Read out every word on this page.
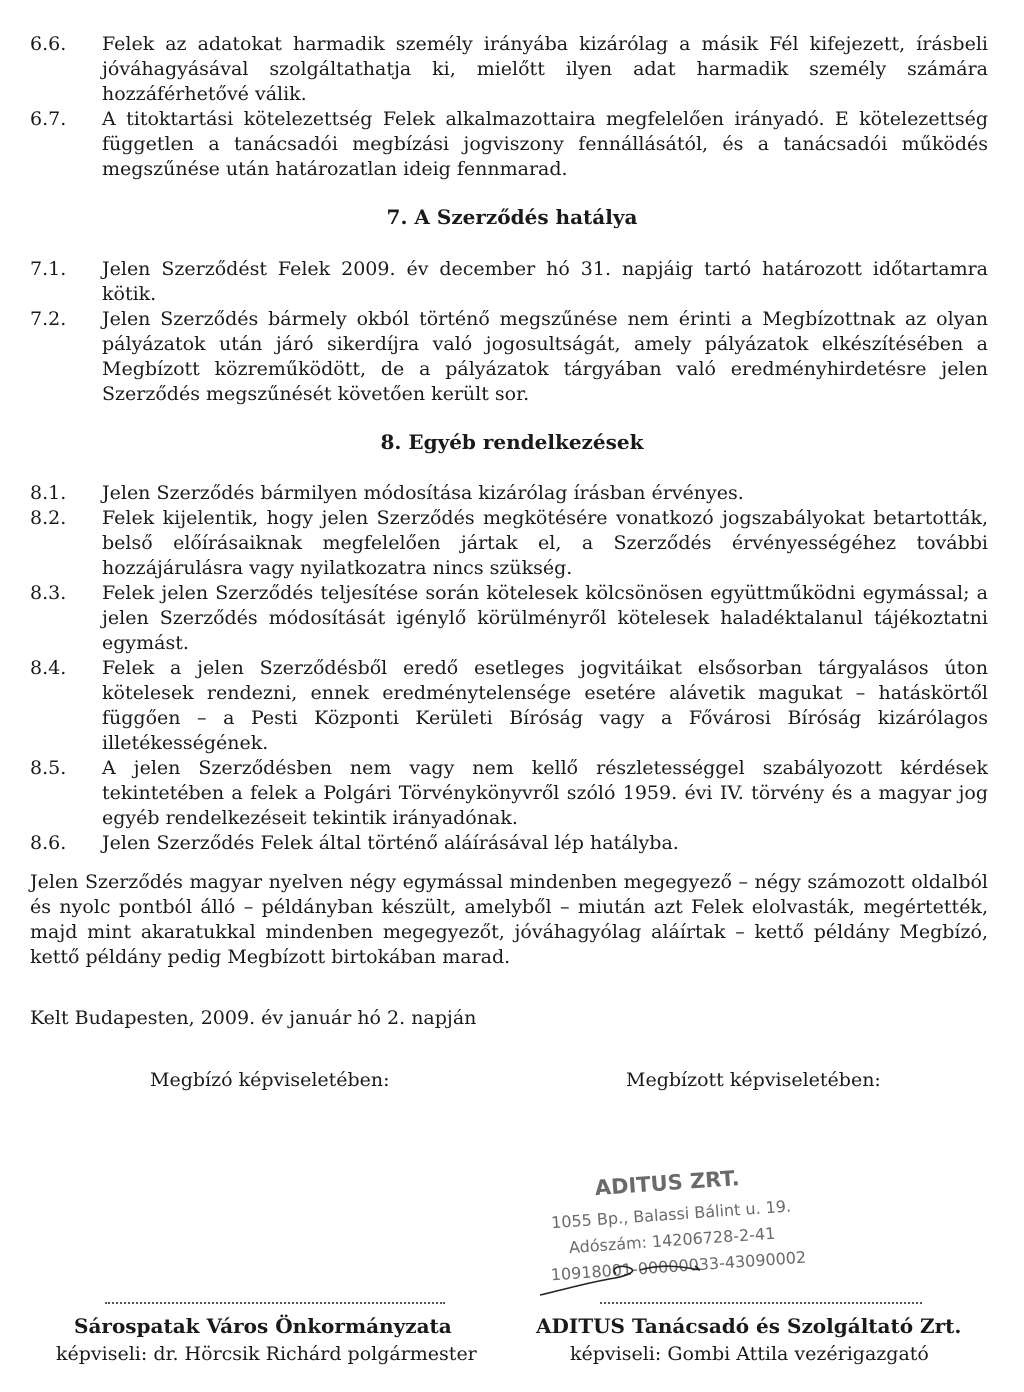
6.6.	Felek az adatokat harmadik személy irányába kizárólag a másik Fél kifejezett, írásbeli jóváhagyásával szolgáltathatja ki, mielőtt ilyen adat harmadik személy számára hozzáférhetővé válik.
6.7.	A titoktartási kötelezettség Felek alkalmazottaira megfelelően irányadó. E kötelezettség független a tanácsadói megbízási jogviszony fennállásától, és a tanácsadói működés megszűnése után határozatlan ideig fennmarad.
7. A Szerződés hatálya
7.1.	Jelen Szerződést Felek 2009. év december hó 31. napjáig tartó határozott időtartamra kötik.
7.2.	Jelen Szerződés bármely okból történő megszűnése nem érinti a Megbízottnak az olyan pályázatok után járó sikerdíjra való jogosultságát, amely pályázatok elkészítésében a Megbízott közreműködött, de a pályázatok tárgyában való eredményhirdetésre jelen Szerződés megszűnését követően került sor.
8. Egyéb rendelkezések
8.1.	Jelen Szerződés bármilyen módosítása kizárólag írásban érvényes.
8.2.	Felek kijelentik, hogy jelen Szerződés megkötésére vonatkozó jogszabályokat betartották, belső előírásaiknak megfelelően jártak el, a Szerződés érvényességéhez további hozzájárulásra vagy nyilatkozatra nincs szükség.
8.3.	Felek jelen Szerződés teljesítése során kötelesek kölcsönösen együttműködni egymással; a jelen Szerződés módosítását igénylő körülményről kötelesek haladéktalanul tájékoztatni egymást.
8.4.	Felek a jelen Szerződésből eredő esetleges jogvitáikat elsősorban tárgyalásos úton kötelesek rendezni, ennek eredménytelensége esetére alávetik magukat – hatáskörtől függően – a Pesti Központi Kerületi Bíróság vagy a Fővárosi Bíróság kizárólagos illetékességének.
8.5.	A jelen Szerződésben nem vagy nem kellő részletességgel szabályozott kérdések tekintetében a felek a Polgári Törvénykönyvről szóló 1959. évi IV. törvény és a magyar jog egyéb rendelkezéseit tekintik irányadónak.
8.6.	Jelen Szerződés Felek által történő aláírásával lép hatályba.
Jelen Szerződés magyar nyelven négy egymással mindenben megegyező – négy számozott oldalból és nyolc pontból álló – példányban készült, amelyből – miután azt Felek elolvasták, megértették, majd mint akaratukkal mindenben megegyezőt, jóváhagyólag aláírtak – kettő példány Megbízó, kettő példány pedig Megbízott birtokában marad.
Kelt Budapesten, 2009. év január hó 2. napján
Megbízó képviseletében:	Megbízott képviseletében:
ADITUS ZRT.
1055 Bp., Balassi Bálint u. 19.
Adószám: 14206728-2-41
10918001-00000033-43090002
Sárospatak Város Önkormányzata
képviseli: dr. Hörcsik Richárd polgármester
ADITUS Tanácsadó és Szolgáltató Zrt.
képviseli: Gombi Attila vezérigazgató
